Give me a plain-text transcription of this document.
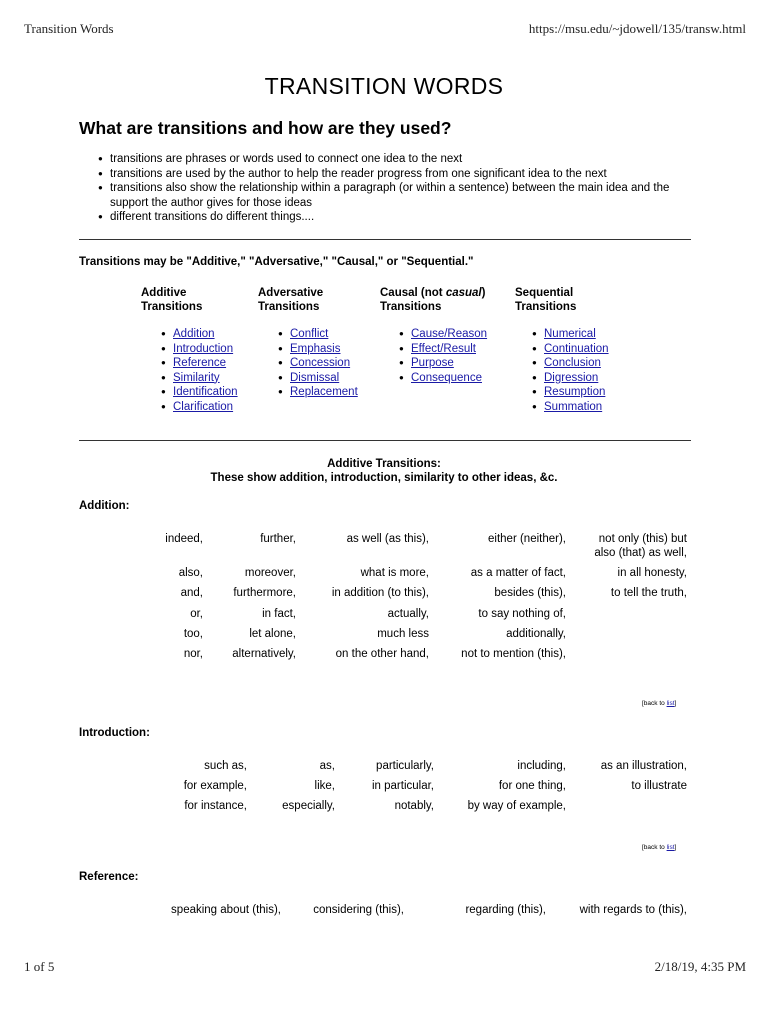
Transition Words	https://msu.edu/~jdowell/135/transw.html
TRANSITION WORDS
What are transitions and how are they used?
● transitions are phrases or words used to connect one idea to the next
● transitions are used by the author to help the reader progress from one significant idea to the next
● transitions also show the relationship within a paragraph (or within a sentence) between the main idea and the support the author gives for those ideas
● different transitions do different things....
Transitions may be "Additive," "Adversative," "Causal," or "Sequential."
Additive
Transitions
● Addition
● Introduction
● Reference
● Similarity
● Identification
● Clarification
Adversative
Transitions
● Conflict
● Emphasis
● Concession
● Dismissal
● Replacement
Causal (not casual)
Transitions
● Cause/Reason
● Effect/Result
● Purpose
● Consequence
Sequential
Transitions
● Numerical
● Continuation
● Conclusion
● Digression
● Resumption
● Summation
Additive Transitions:
These show addition, introduction, similarity to other ideas, &c.
Addition:
indeed,	further,	as well (as this),	either (neither),	not only (this) but
also (that) as well,
also,	moreover,	what is more,	as a matter of fact,	in all honesty,
and,	furthermore,	in addition (to this),	besides (this),	to tell the truth,
or,	in fact,	actually,	to say nothing of,
too,	let alone,	much less	additionally,
nor,	alternatively,	on the other hand,	not to mention (this),
[back to list]
Introduction:
such as,	as,	particularly,	including,	as an illustration,
for example,	like,	in particular,	for one thing,	to illustrate
for instance,	especially,	notably,	by way of example,
[back to list]
Reference:
speaking about (this),	considering (this),	regarding (this),	with regards to (this),
1 of 5	2/18/19, 4:35 PM
